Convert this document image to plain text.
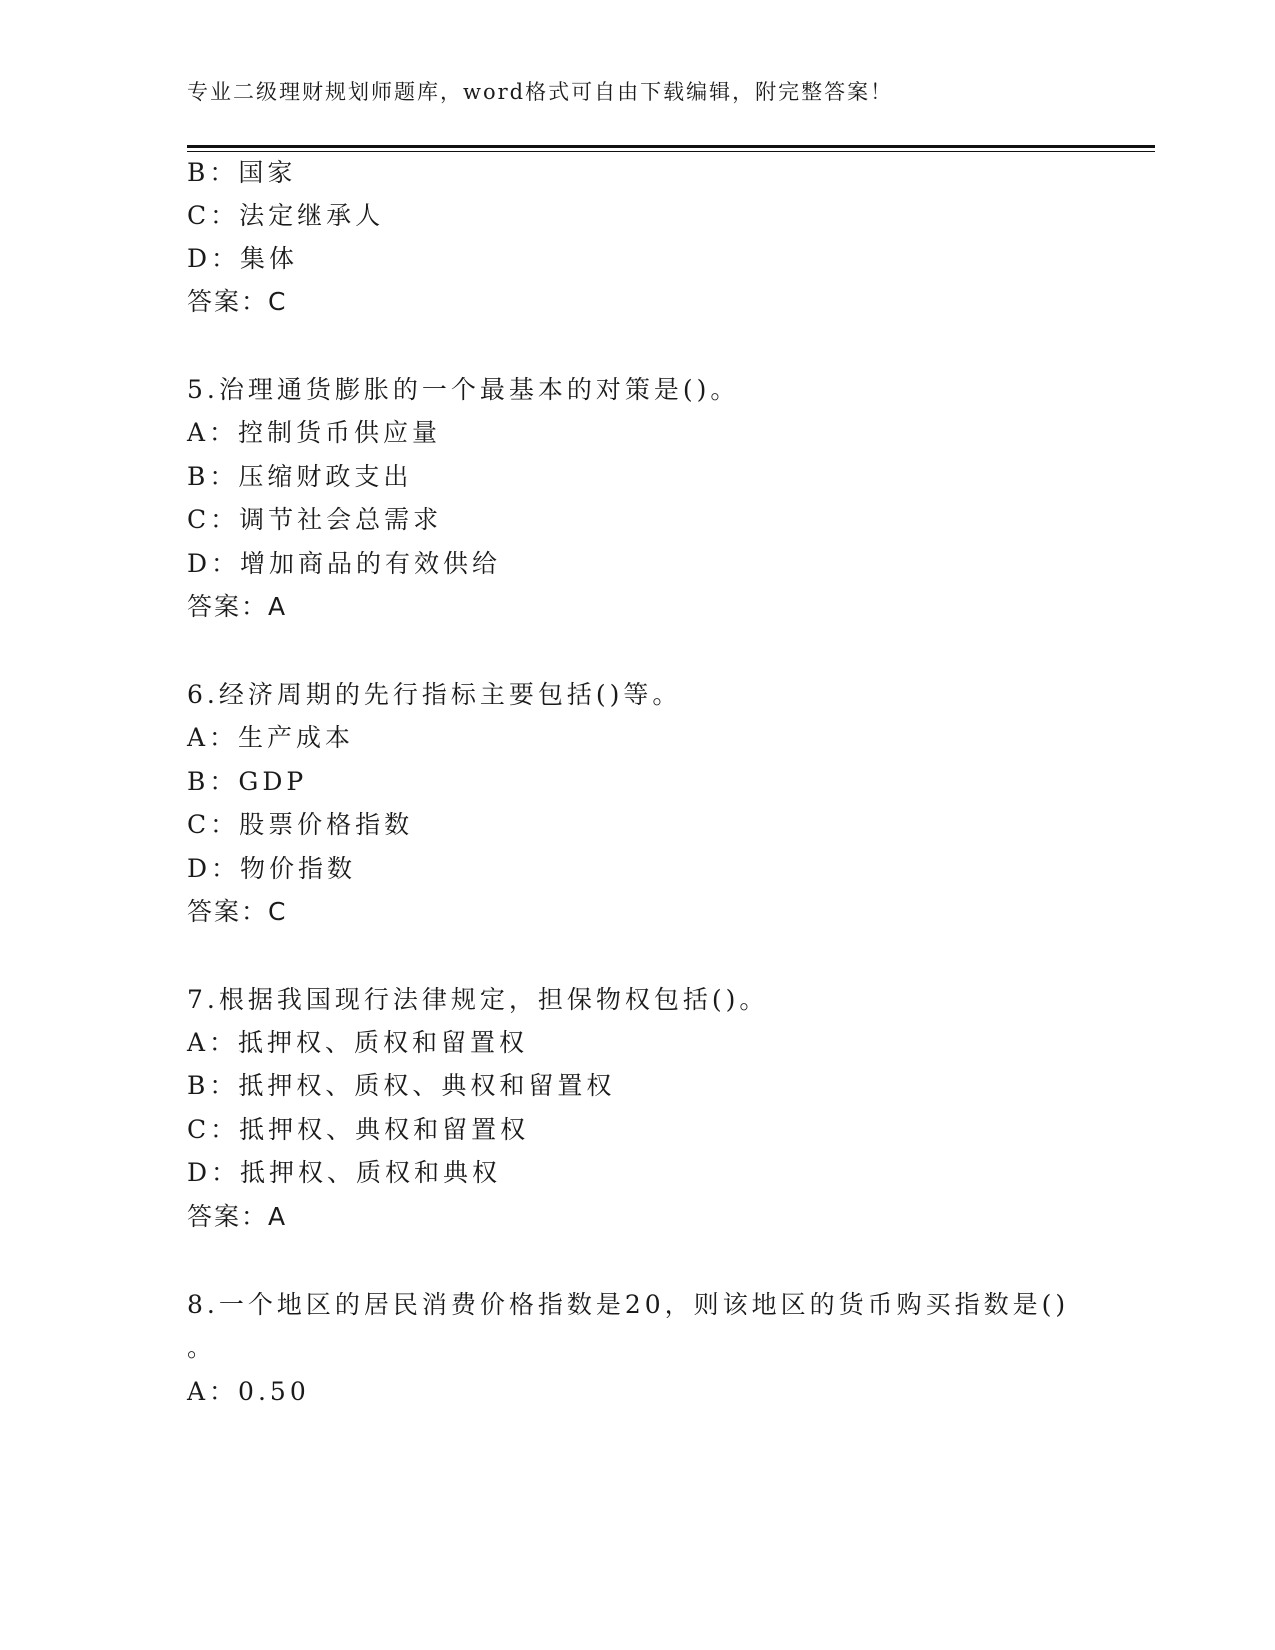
专业二级理财规划师题库，word格式可自由下载编辑，附完整答案！
B：国家
C：法定继承人
D：集体
答案：C
5.治理通货膨胀的一个最基本的对策是()。
A：控制货币供应量
B：压缩财政支出
C：调节社会总需求
D：增加商品的有效供给
答案：A
6.经济周期的先行指标主要包括()等。
A：生产成本
B：GDP
C：股票价格指数
D：物价指数
答案：C
7.根据我国现行法律规定，担保物权包括()。
A：抵押权、质权和留置权
B：抵押权、质权、典权和留置权
C：抵押权、典权和留置权
D：抵押权、质权和典权
答案：A
8.一个地区的居民消费价格指数是20，则该地区的货币购买指数是()
。
A：0.50
